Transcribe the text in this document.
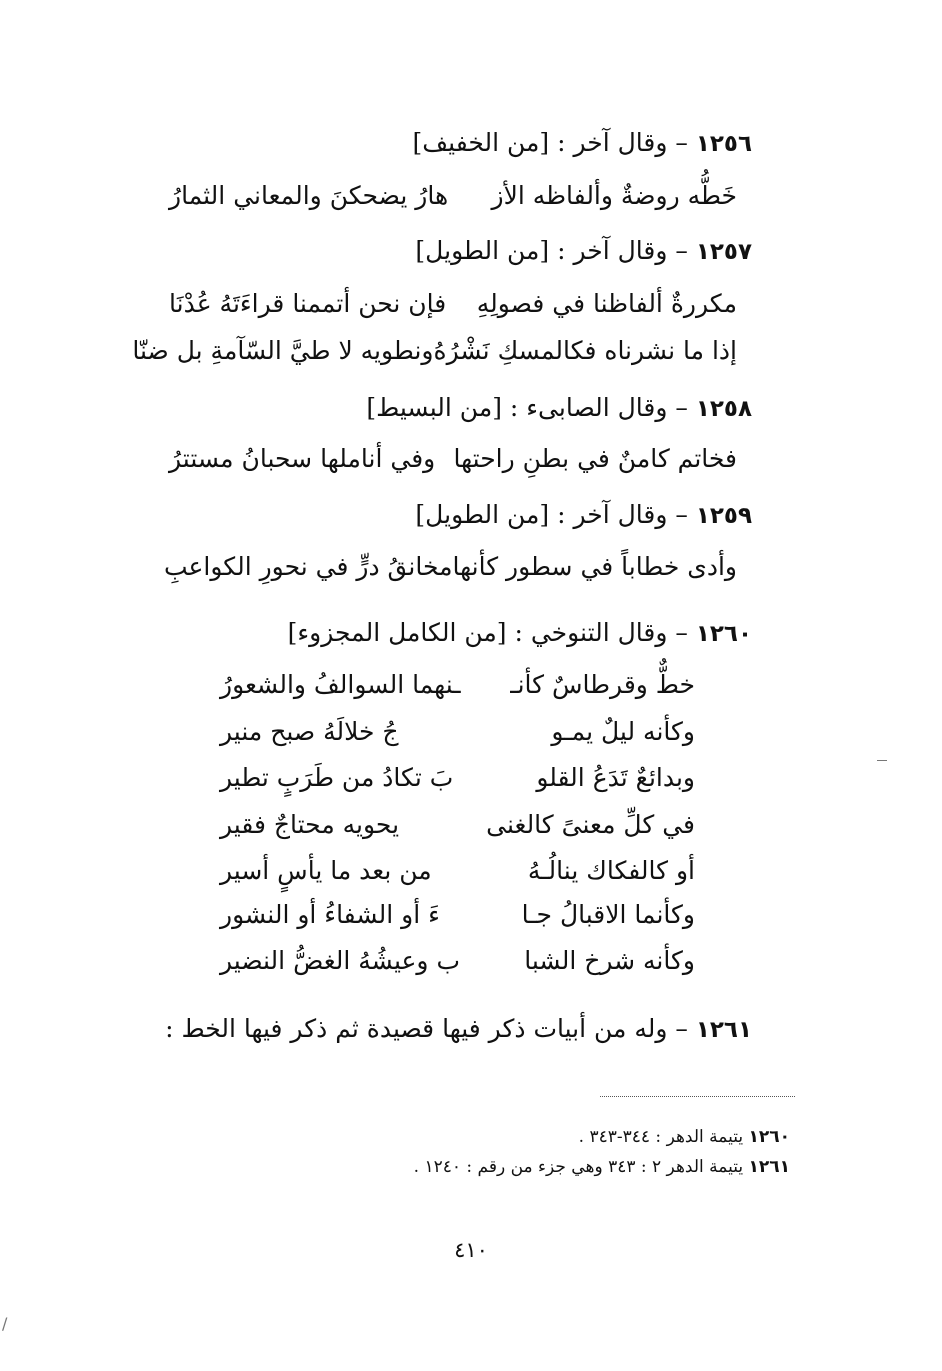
١٢٥٦ – وقال آخر : [من الخفيف]
خَطُّه روضةٌ وألفاظه الأز
هارُ يضحكنَ والمعاني الثمارُ
١٢٥٧ – وقال آخر : [من الطويل]
مكررةٌ ألفاظنا في فصولِهِ
فإن نحن أتممنا قراءَتَهُ عُدْنَا
إذا ما نشرناه فكالمسكِ نَشْرُهُ
ونطويه لا طيَّ السّآمةِ بل ضنّا
١٢٥٨ – وقال الصابىء : [من البسيط]
فخاتم كامنٌ في بطنِ راحتها
وفي أناملها سحبانُ مستترُ
١٢٥٩ – وقال آخر : [من الطويل]
وأدى خطاباً في سطور كأنها
مخانقُ درٍّ في نحورِ الكواعبِ
١٢٦٠ – وقال التنوخي : [من الكامل المجزوء]
خطٌّ وقرطاسٌ كأنـ
ـنهما السوالفُ والشعورُ
وكأنه ليلٌ يمـو
جُ خلالَهُ صبح منير
وبدائعٌ تَدَعُ القلو
بَ تكادُ من طَرَبٍ تطير
في كلِّ معنىً كالغنى
يحويه محتاجٌ فقير
أو كالفكاك ينالُـهُ
من بعد ما يأسٍ أسير
وكأنما الاقبالُ جـا
ءَ أو الشفاءُ أو النشور
وكأنه شرخ الشبا
ب وعيشُهُ الغضُّ النضير
١٢٦١ – وله من أبيات ذكر فيها قصيدة ثم ذكر فيها الخط :
١٢٦٠ يتيمة الدهر : ٣٤٤-٣٤٣ .
١٢٦١ يتيمة الدهر ٢ : ٣٤٣ وهي جزء من رقم : ١٢٤٠ .
٤١٠
/
